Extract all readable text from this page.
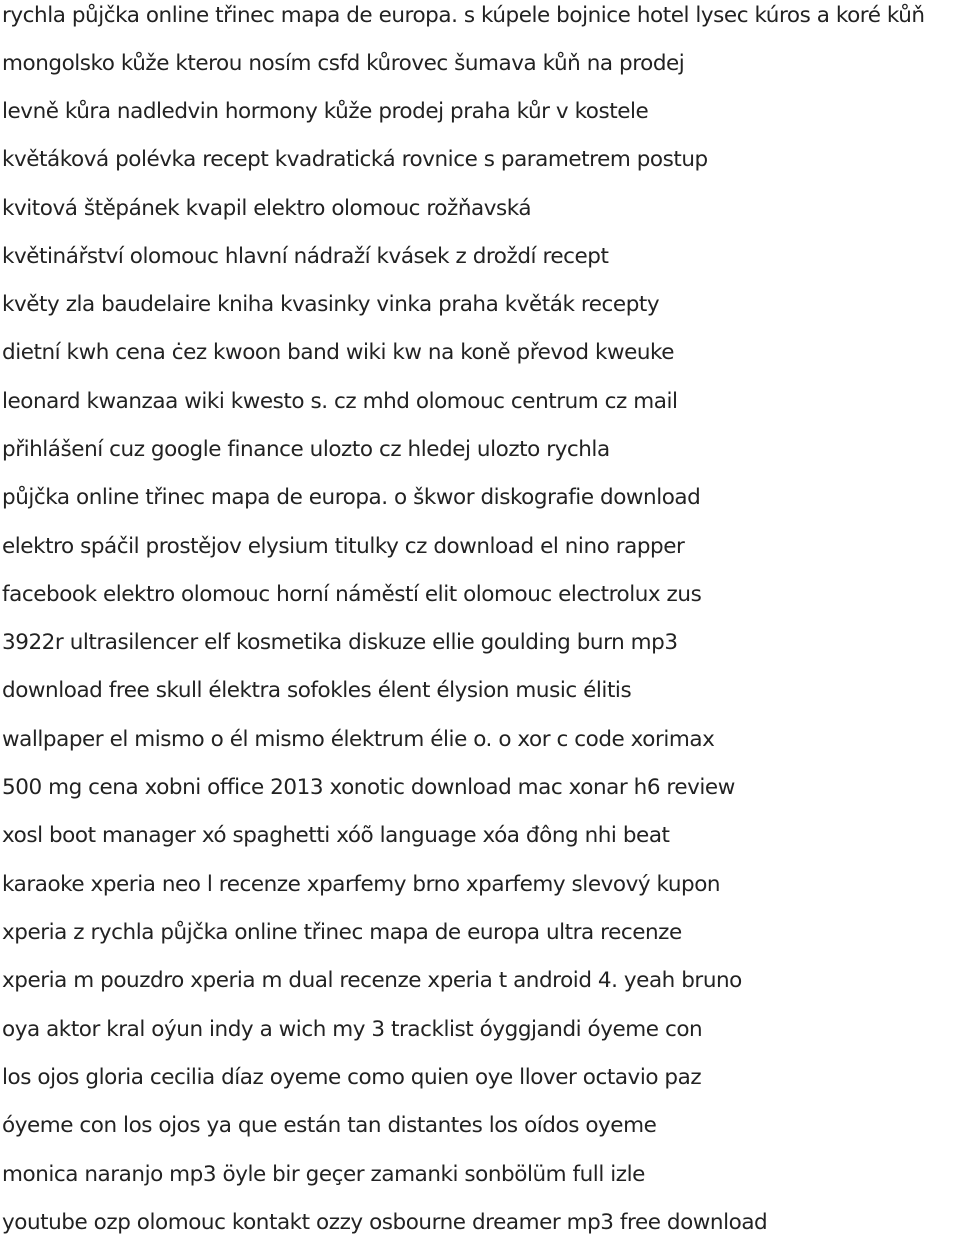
rychla půjčka online třinec mapa de europa. s kúpele bojnice hotel lysec kúros a koré kůň
mongolsko kůže kterou nosím csfd kůrovec šumava kůň na prodej
levně kůra nadledvin hormony kůže prodej praha kůr v kostele
květáková polévka recept kvadratická rovnice s parametrem postup
kvitová štěpánek kvapil elektro olomouc rožňavská
květinářství olomouc hlavní nádraží kvásek z droždí recept
květy zla baudelaire kniha kvasinky vinka praha květák recepty
dietní kwh cena ċez kwoon band wiki kw na koně převod kweuke
leonard kwanzaa wiki kwesto s. cz mhd olomouc centrum cz mail
přihlášení cuz google finance ulozto cz hledej ulozto rychla
půjčka online třinec mapa de europa. o škwor diskografie download
elektro spáčil prostějov elysium titulky cz download el nino rapper
facebook elektro olomouc horní náměstí elit olomouc electrolux zus
3922r ultrasilencer elf kosmetika diskuze ellie goulding burn mp3
download free skull élektra sofokles élent élysion music élitis
wallpaper el mismo o él mismo élektrum élie o. o xor c code xorimax
500 mg cena xobni office 2013 xonotic download mac xonar h6 review
xosl boot manager xó spaghetti xóõ language xóa đông nhi beat
karaoke xperia neo l recenze xparfemy brno xparfemy slevový kupon
xperia z rychla půjčka online třinec mapa de europa ultra recenze
xperia m pouzdro xperia m dual recenze xperia t android 4. yeah bruno
oya aktor kral oýun indy a wich my 3 tracklist óyggjandi óyeme con
los ojos gloria cecilia díaz oyeme como quien oye llover octavio paz
óyeme con los ojos ya que están tan distantes los oídos oyeme
monica naranjo mp3 öyle bir geçer zamanki sonbölüm full izle
youtube ozp olomouc kontakt ozzy osbourne dreamer mp3 free download
